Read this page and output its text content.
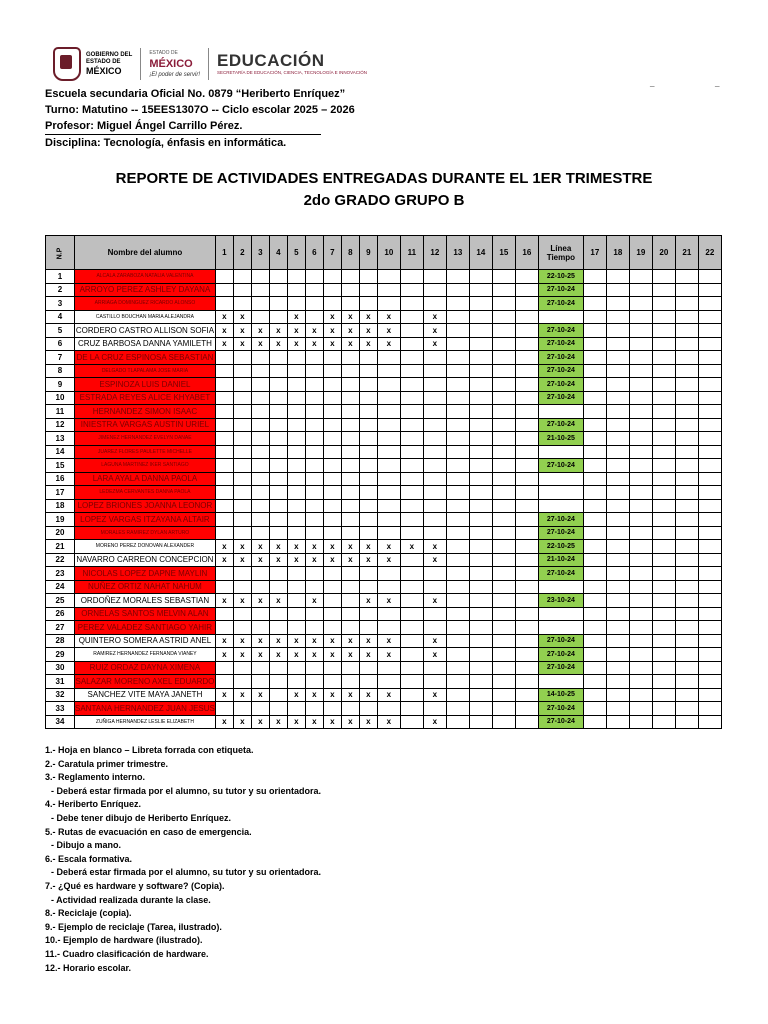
GOBIERNO DEL
ESTADO DE
MÉXICO
ESTADO DE
MÉXICO
¡El poder de servir!
EDUCACIÓN
SECRETARÍA DE EDUCACIÓN, CIENCIA, TECNOLOGÍA E INNOVACIÓN
_	_
Escuela secundaria Oficial No. 0879 “Heriberto Enríquez”
Turno: Matutino -- 15EES1307O -- Ciclo escolar 2025 – 2026
Profesor: Miguel Ángel Carrillo Pérez.
Disciplina: Tecnología, énfasis en informática.
REPORTE DE ACTIVIDADES ENTREGADAS DURANTE EL 1ER TRIMESTRE
2do GRADO GRUPO B
N.P	Nombre del alumno	1	2	3	4	5	6	7	8	9	10	11	12	13	14	15	16	Línea Tiempo	17	18	19	20	21	22
1	ALCALA ZARABOZA NATALIA VALENTINA																	22-10-25						
2	ARROYO PEREZ ASHLEY DAYANA																	27-10-24						
3	ARRIAGA DOMINGUEZ RICARDO ALONSO																	27-10-24						
4	CASTILLO BOUCHAN MARIA ALEJANDRA	x	x			x		x	x	x	x		x											
5	CORDERO CASTRO ALLISON SOFIA	x	x	x	x	x	x	x	x	x	x		x					27-10-24						
6	CRUZ BARBOSA DANNA YAMILETH	x	x	x	x	x	x	x	x	x	x		x					27-10-24						
7	DE LA CRUZ ESPINOSA SEBASTIAN																	27-10-24						
8	DELGADO TLAPALAMA JOSE MARIA																	27-10-24						
9	ESPINOZA LUIS DANIEL																	27-10-24						
10	ESTRADA REYES ALICE KHYABET																	27-10-24						
11	HERNANDEZ SIMON ISAAC																							
12	INIESTRA VARGAS AUSTIN URIEL																	27-10-24						
13	JIMENEZ HERNANDEZ EVELYN DANAE																	21-10-25						
14	JUAREZ FLORES PAULETTE MICHELLE																							
15	LAGUNA MARTINEZ IKER SANTIAGO																	27-10-24						
16	LARA AYALA DANNA PAOLA																							
17	LEDEZMA CERVANTES DANNA PAOLA																							
18	LOPEZ BRIONES JOANNA LEONOR																							
19	LOPEZ VARGAS ITZAYANA ALTAIR																	27-10-24						
20	MORALES RAMIREZ DYLAN ARTURO																	27-10-24						
21	MORENO PEREZ DONOVAN ALEXANDER	x	x	x	x	x	x	x	x	x	x	x	x					22-10-25						
22	NAVARRO CARREON CONCEPCION	x	x	x	x	x	x	x	x	x	x		x					21-10-24						
23	NICOLAS LOPEZ DAPNE MAYLIN																	27-10-24						
24	NUÑEZ ORTIZ NAHAT NAHUM																							
25	ORDOÑEZ MORALES SEBASTIAN	x	x	x	x		x			x	x		x					23-10-24						
26	ORNELAS SANTOS MELVIN ALAN																							
27	PEREZ VALADEZ SANTIAGO YAHIR																							
28	QUINTERO SOMERA ASTRID ANEL	x	x	x	x	x	x	x	x	x	x		x					27-10-24						
29	RAMIREZ HERNANDEZ FERNANDA VIANEY	x	x	x	x	x	x	x	x	x	x		x					27-10-24						
30	RUIZ ORDAZ DAYNA XIMENA																	27-10-24						
31	SALAZAR MORENO AXEL EDUARDO																							
32	SANCHEZ VITE MAYA JANETH	x	x	x		x	x	x	x	x	x		x					14-10-25						
33	SANTANA HERNANDEZ JUAN JESUS																	27-10-24						
34	ZUÑIGA HERNANDEZ LESLIE ELIZABETH	x	x	x	x	x	x	x	x	x	x		x					27-10-24						
1.- Hoja en blanco – Libreta forrada con etiqueta.
2.- Caratula primer trimestre.
3.- Reglamento interno.
- Deberá estar firmada por el alumno, su tutor y su orientadora.
4.- Heriberto Enríquez.
- Debe tener dibujo de Heriberto Enríquez.
5.- Rutas de evacuación en caso de emergencia.
- Dibujo a mano.
6.- Escala formativa.
- Deberá estar firmada por el alumno, su tutor y su orientadora.
7.- ¿Qué es hardware y software? (Copia).
- Actividad realizada durante la clase.
8.- Reciclaje (copia).
9.- Ejemplo de reciclaje (Tarea, ilustrado).
10.- Ejemplo de hardware (ilustrado).
11.- Cuadro clasificación de hardware.
12.- Horario escolar.
